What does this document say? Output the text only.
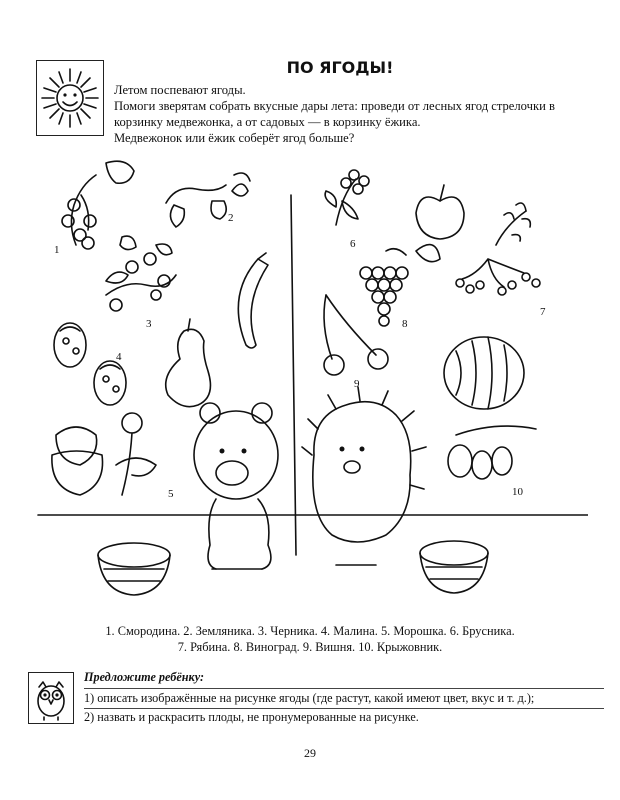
ПО ЯГОДЫ!

Летом поспевают ягоды.

Помоги зверятам собрать вкусные дары лета: проведи от лесных ягод стрелочки в корзинку медвежонка, а от садовых — в корзинку ёжика.

Медвежонок или ёжик соберёт ягод больше?

1
2
3
4
5
6
8
7
9
10

1. Смородина. 2. Земляника. 3. Черника. 4. Малина. 5. Морошка. 6. Брусника.

7. Рябина. 8. Виноград. 9. Вишня. 10. Крыжовник.

Предложите ребёнку:

1) описать изображённые на рисунке ягоды (где растут, какой имеют цвет, вкус и т. д.);

2) назвать и раскрасить плоды, не пронумерованные на рисунке.

29
